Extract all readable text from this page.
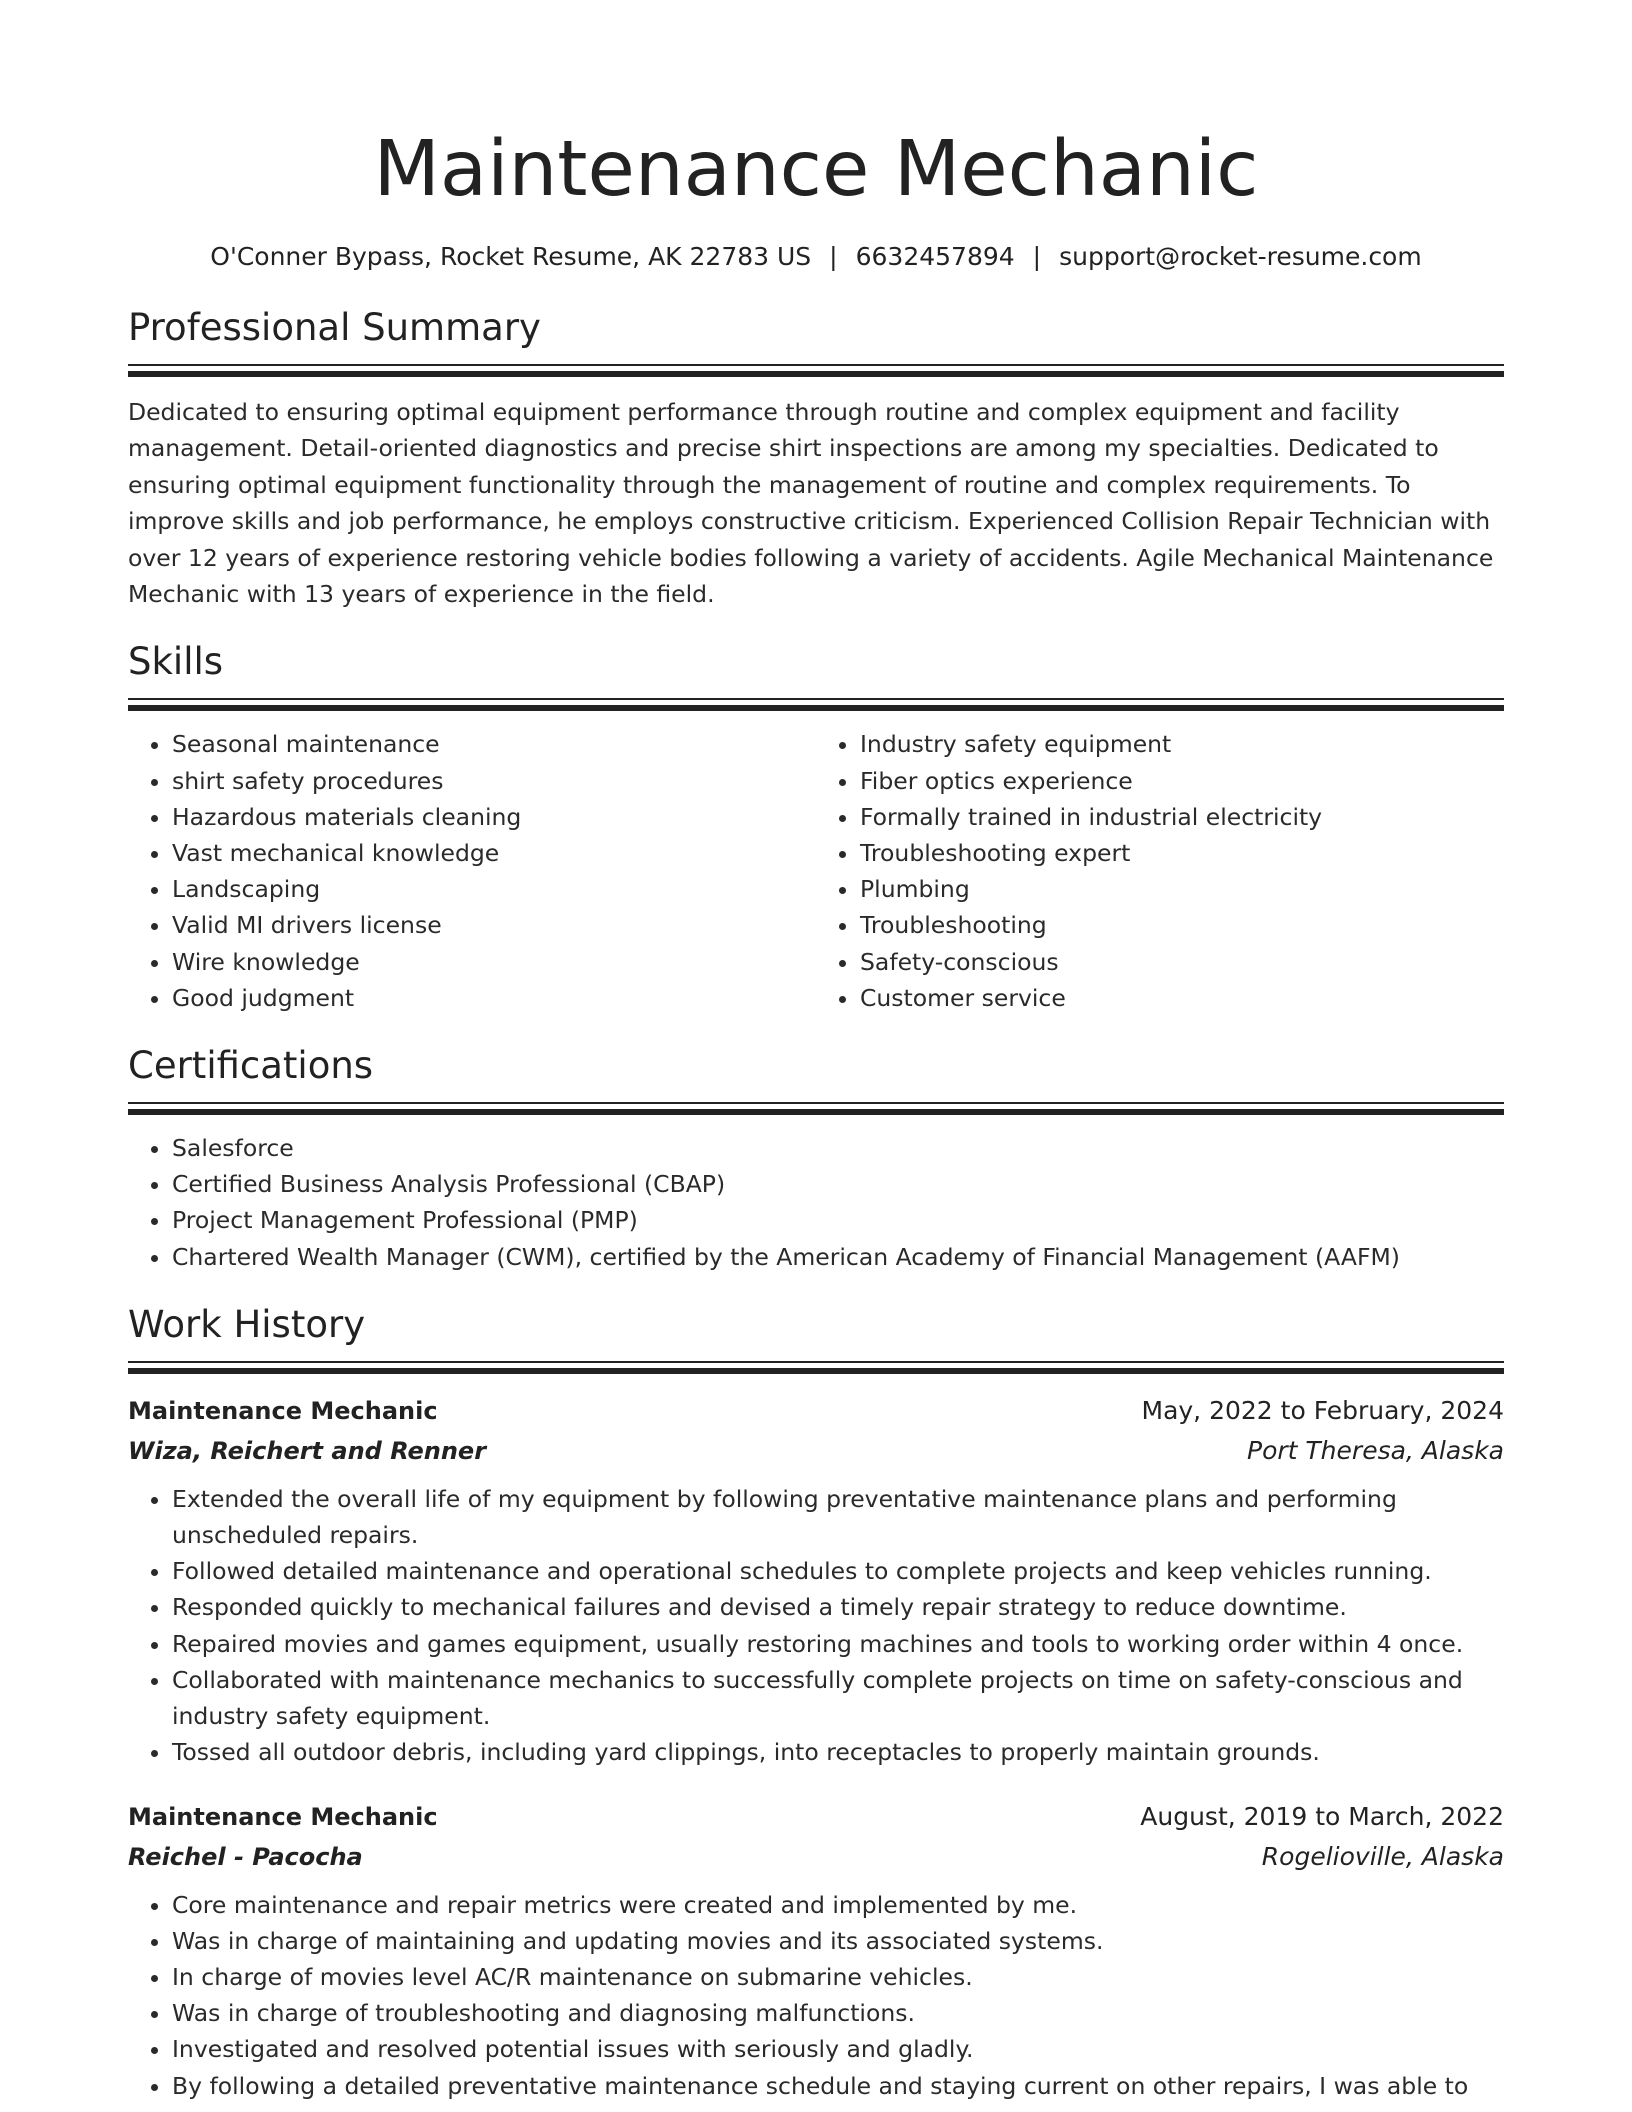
Maintenance Mechanic
O'Conner Bypass, Rocket Resume, AK 22783 US | 6632457894 | support@rocket-resume.com
Professional Summary
Dedicated to ensuring optimal equipment performance through routine and complex equipment and facility management. Detail-oriented diagnostics and precise shirt inspections are among my specialties. Dedicated to ensuring optimal equipment functionality through the management of routine and complex requirements. To improve skills and job performance, he employs constructive criticism. Experienced Collision Repair Technician with over 12 years of experience restoring vehicle bodies following a variety of accidents. Agile Mechanical Maintenance Mechanic with 13 years of experience in the field.
Skills
• Seasonal maintenance
• shirt safety procedures
• Hazardous materials cleaning
• Vast mechanical knowledge
• Landscaping
• Valid MI drivers license
• Wire knowledge
• Good judgment
• Industry safety equipment
• Fiber optics experience
• Formally trained in industrial electricity
• Troubleshooting expert
• Plumbing
• Troubleshooting
• Safety-conscious
• Customer service
Certifications
• Salesforce
• Certified Business Analysis Professional (CBAP)
• Project Management Professional (PMP)
• Chartered Wealth Manager (CWM), certified by the American Academy of Financial Management (AAFM)
Work History
Maintenance Mechanic	May, 2022 to February, 2024
Wiza, Reichert and Renner	Port Theresa, Alaska
• Extended the overall life of my equipment by following preventative maintenance plans and performing unscheduled repairs.
• Followed detailed maintenance and operational schedules to complete projects and keep vehicles running.
• Responded quickly to mechanical failures and devised a timely repair strategy to reduce downtime.
• Repaired movies and games equipment, usually restoring machines and tools to working order within 4 once.
• Collaborated with maintenance mechanics to successfully complete projects on time on safety-conscious and industry safety equipment.
• Tossed all outdoor debris, including yard clippings, into receptacles to properly maintain grounds.
Maintenance Mechanic	August, 2019 to March, 2022
Reichel - Pacocha	Rogelioville, Alaska
• Core maintenance and repair metrics were created and implemented by me.
• Was in charge of maintaining and updating movies and its associated systems.
• In charge of movies level AC/R maintenance on submarine vehicles.
• Was in charge of troubleshooting and diagnosing malfunctions.
• Investigated and resolved potential issues with seriously and gladly.
• By following a detailed preventative maintenance schedule and staying current on other repairs, I was able to
